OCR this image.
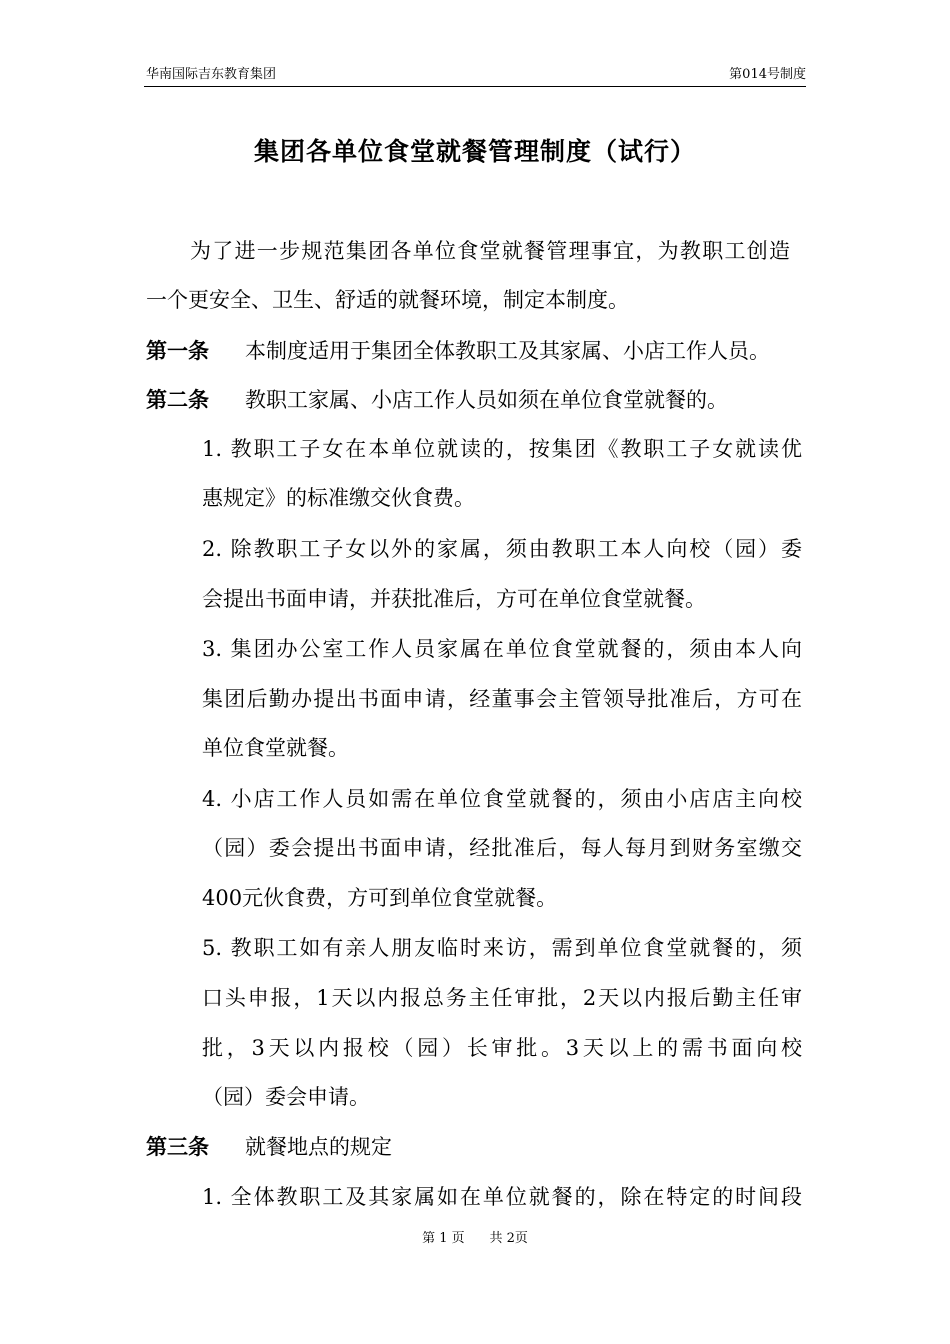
华南国际吉东教育集团	第014号制度
集团各单位食堂就餐管理制度（试行）
为了进一步规范集团各单位食堂就餐管理事宜，为教职工创造
一个更安全、卫生、舒适的就餐环境，制定本制度。
第一条 本制度适用于集团全体教职工及其家属、小店工作人员。
第二条 教职工家属、小店工作人员如须在单位食堂就餐的。
1. 教职工子女在本单位就读的，按集团《教职工子女就读优
惠规定》的标准缴交伙食费。
2. 除教职工子女以外的家属，须由教职工本人向校（园）委
会提出书面申请，并获批准后，方可在单位食堂就餐。
3. 集团办公室工作人员家属在单位食堂就餐的，须由本人向
集团后勤办提出书面申请，经董事会主管领导批准后，方可在
单位食堂就餐。
4. 小店工作人员如需在单位食堂就餐的，须由小店店主向校
（园）委会提出书面申请，经批准后，每人每月到财务室缴交
400元伙食费，方可到单位食堂就餐。
5. 教职工如有亲人朋友临时来访，需到单位食堂就餐的，须
口头申报，1天以内报总务主任审批，2天以内报后勤主任审
批，3天以内报校（园）长审批。3天以上的需书面向校
（园）委会申请。
第三条 就餐地点的规定
1. 全体教职工及其家属如在单位就餐的，除在特定的时间段
第 1 页 共 2页
